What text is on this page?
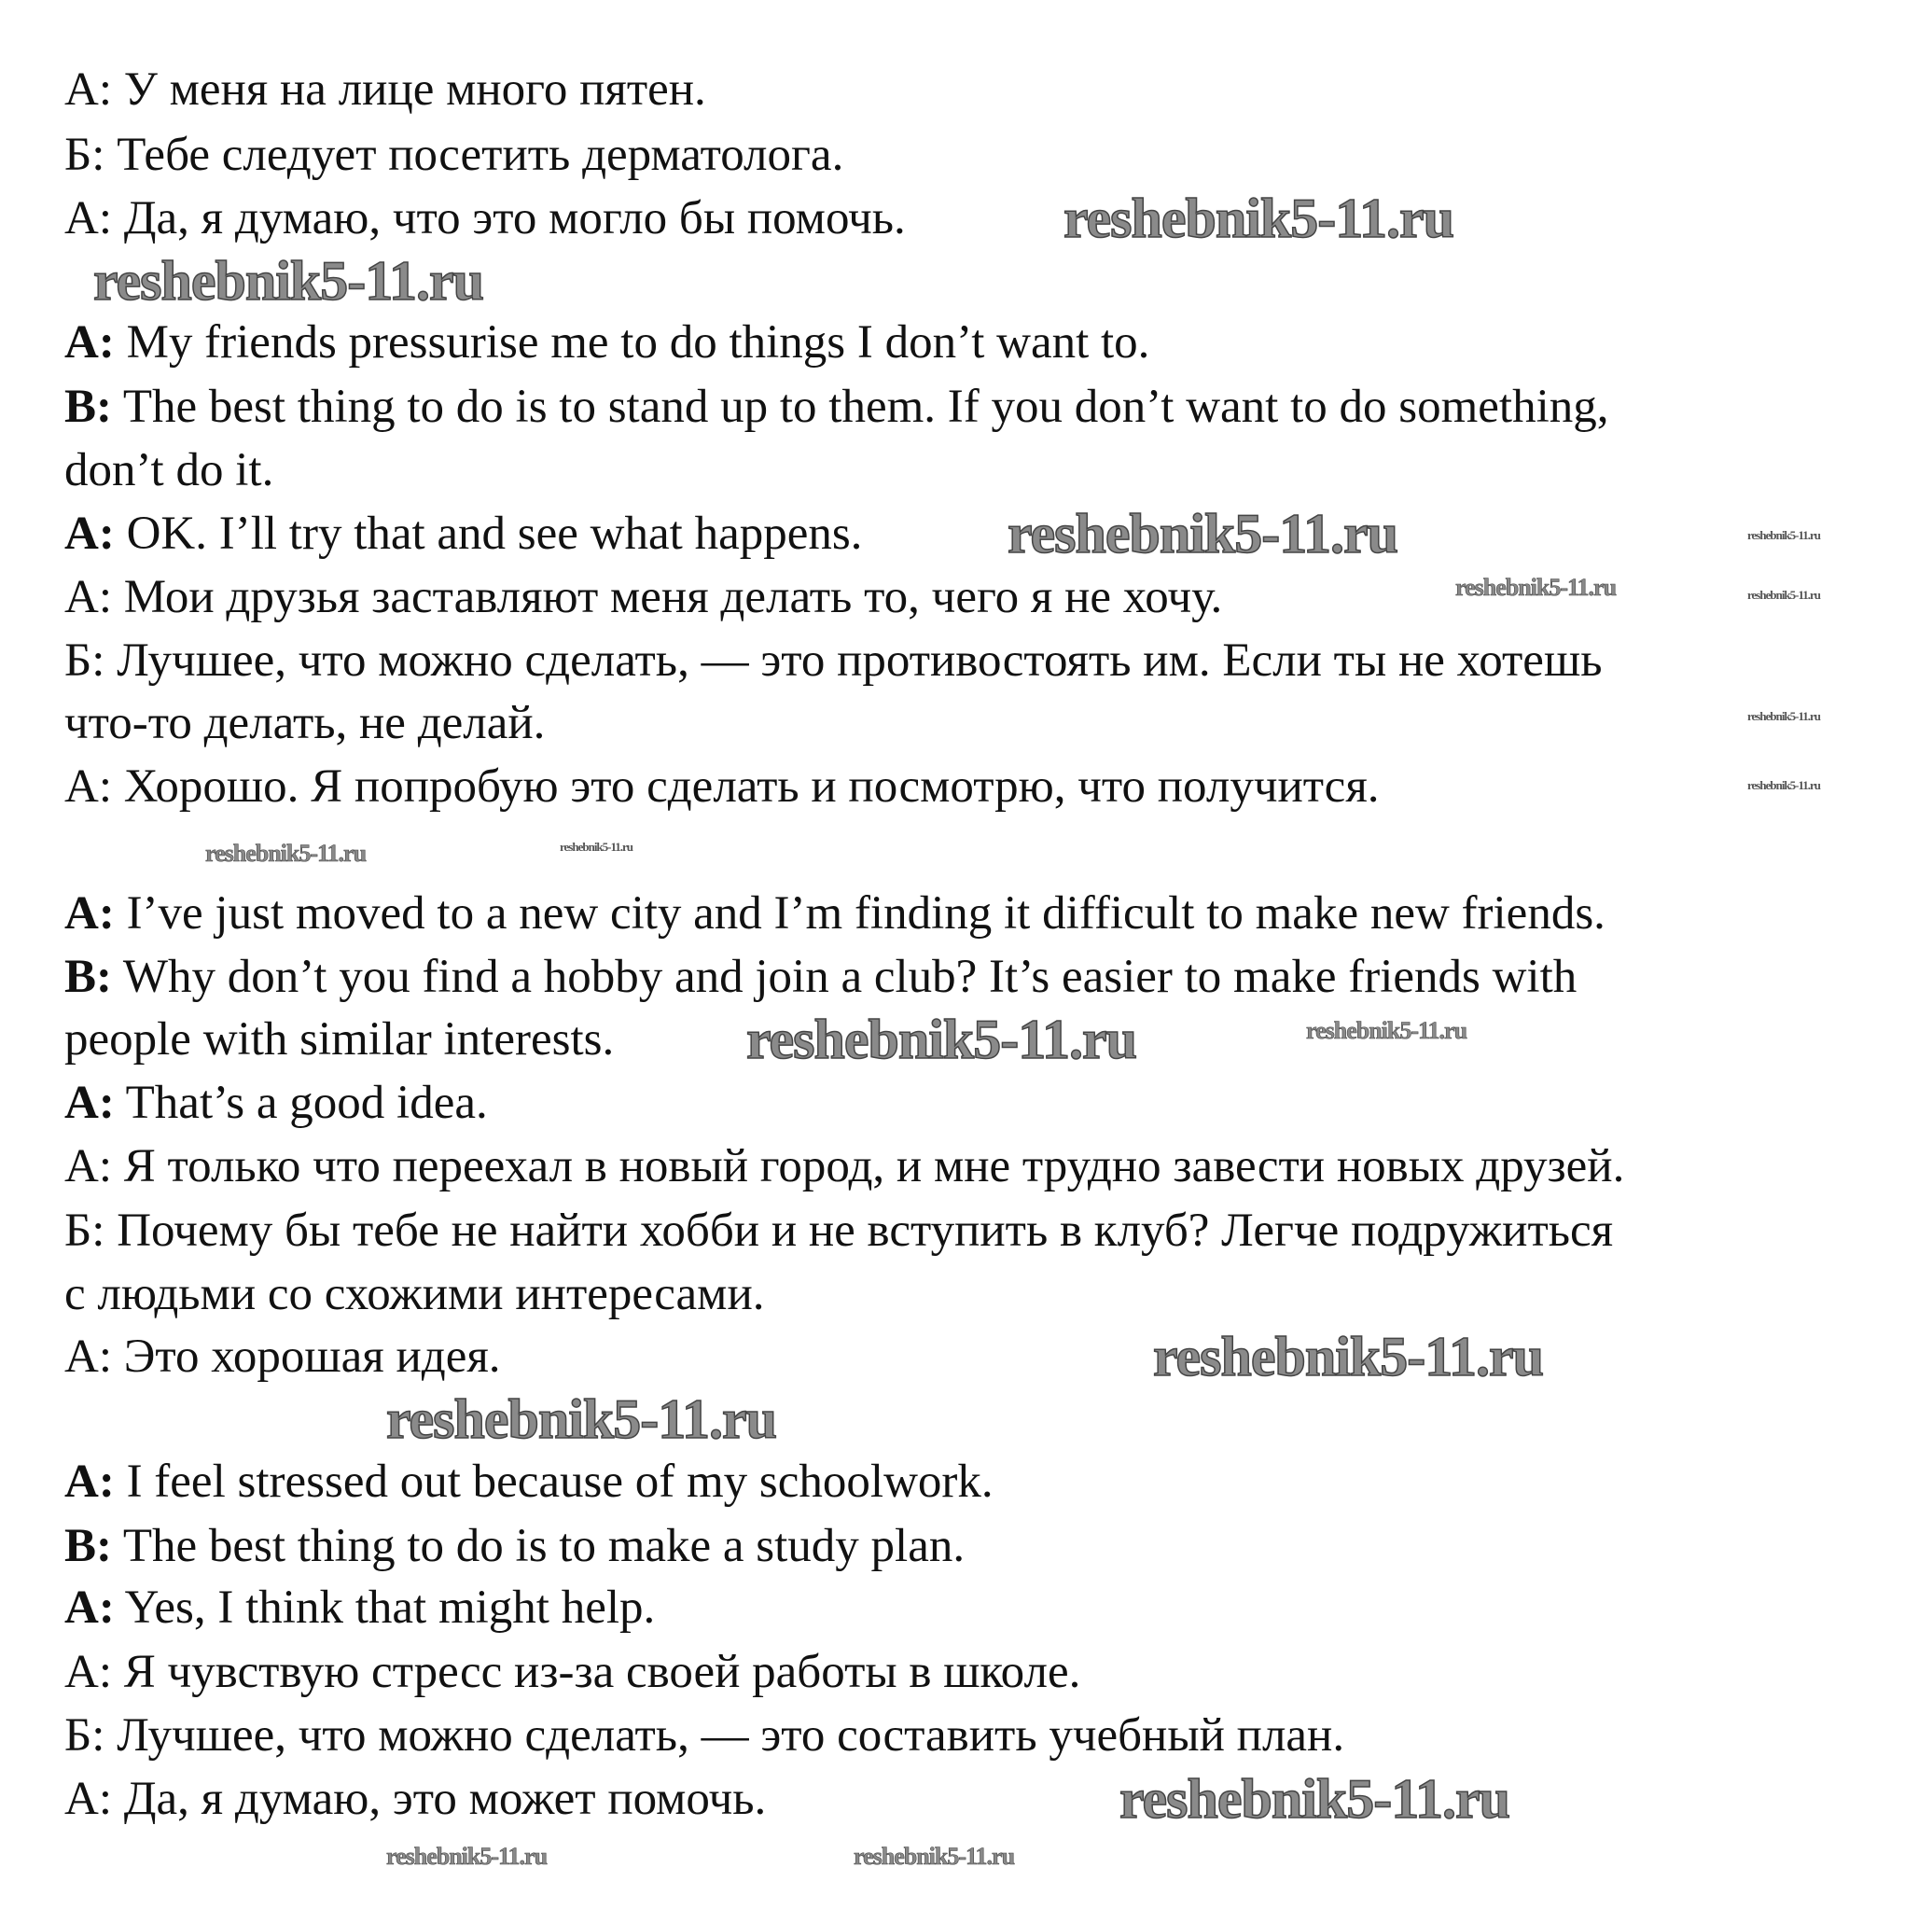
А: У меня на лице много пятен.
Б: Тебе следует посетить дерматолога.
А: Да, я думаю, что это могло бы помочь.
A: My friends pressurise me to do things I don’t want to.
B: The best thing to do is to stand up to them. If you don’t want to do something,
don’t do it.
A: OK. I’ll try that and see what happens.
А: Мои друзья заставляют меня делать то, чего я не хочу.
Б: Лучшее, что можно сделать, — это противостоять им. Если ты не хотешь
что-то делать, не делай.
А: Хорошо. Я попробую это сделать и посмотрю, что получится.
A: I’ve just moved to a new city and I’m finding it difficult to make new friends.
B: Why don’t you find a hobby and join a club? It’s easier to make friends with
people with similar interests.
A: That’s a good idea.
А: Я только что переехал в новый город, и мне трудно завести новых друзей.
Б: Почему бы тебе не найти хобби и не вступить в клуб? Легче подружиться
с людьми со схожими интересами.
А: Это хорошая идея.
A: I feel stressed out because of my schoolwork.
B: The best thing to do is to make a study plan.
A: Yes, I think that might help.
А: Я чувствую стресс из-за своей работы в школе.
Б: Лучшее, что можно сделать, — это составить учебный план.
А: Да, я думаю, это может помочь.
reshebnik5-11.ru
reshebnik5-11.ru
reshebnik5-11.ru
reshebnik5-11.ru
reshebnik5-11.ru
reshebnik5-11.ru
reshebnik5-11.ru
reshebnik5-11.ru
reshebnik5-11.ru
reshebnik5-11.ru
reshebnik5-11.ru
reshebnik5-11.ru
reshebnik5-11.ru
reshebnik5-11.ru
reshebnik5-11.ru
reshebnik5-11.ru	reshebnik5-11.ru
